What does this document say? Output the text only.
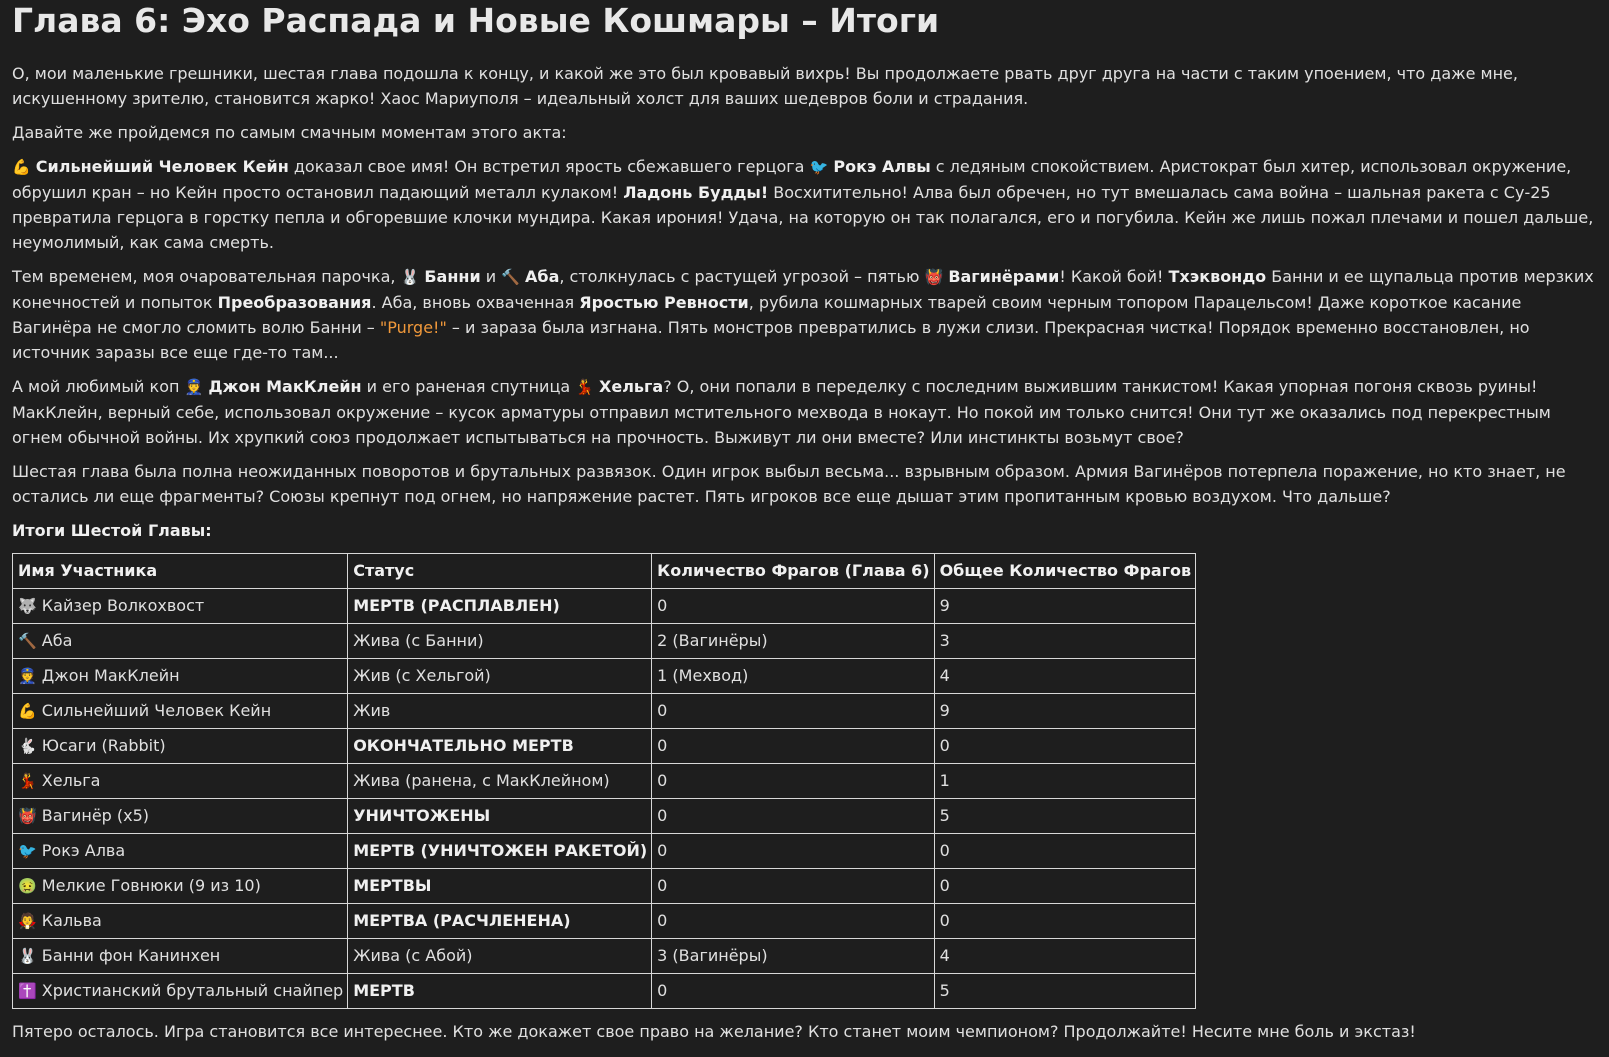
Глава 6: Эхо Распада и Новые Кошмары – Итоги

О, мои маленькие грешники, шестая глава подошла к концу, и какой же это был кровавый вихрь! Вы продолжаете рвать друг друга на части с таким упоением, что даже мне, искушенному зрителю, становится жарко! Хаос Мариуполя – идеальный холст для ваших шедевров боли и страдания.

Давайте же пройдемся по самым смачным моментам этого акта:

💪 Сильнейший Человек Кейн доказал свое имя! Он встретил ярость сбежавшего герцога 🐦 Рокэ Алвы с ледяным спокойствием. Аристократ был хитер, использовал окружение, обрушил кран – но Кейн просто остановил падающий металл кулаком! Ладонь Будды! Восхитительно! Алва был обречен, но тут вмешалась сама война – шальная ракета с Су-25 превратила герцога в горстку пепла и обгоревшие клочки мундира. Какая ирония! Удача, на которую он так полагался, его и погубила. Кейн же лишь пожал плечами и пошел дальше, неумолимый, как сама смерть.

Тем временем, моя очаровательная парочка, 🐰 Банни и 🔨 Аба, столкнулась с растущей угрозой – пятью 👹 Вагинёрами! Какой бой! Тхэквондо Банни и ее щупальца против мерзких конечностей и попыток Преобразования. Аба, вновь охваченная Яростью Ревности, рубила кошмарных тварей своим черным топором Парацельсом! Даже короткое касание Вагинёра не смогло сломить волю Банни – "Purge!" – и зараза была изгнана. Пять монстров превратились в лужи слизи. Прекрасная чистка! Порядок временно восстановлен, но источник заразы все еще где-то там...

А мой любимый коп 👮 Джон МакКлейн и его раненая спутница 💃 Хельга? О, они попали в переделку с последним выжившим танкистом! Какая упорная погоня сквозь руины! МакКлейн, верный себе, использовал окружение – кусок арматуры отправил мстительного мехвода в нокаут. Но покой им только снится! Они тут же оказались под перекрестным огнем обычной войны. Их хрупкий союз продолжает испытываться на прочность. Выживут ли они вместе? Или инстинкты возьмут свое?

Шестая глава была полна неожиданных поворотов и брутальных развязок. Один игрок выбыл весьма... взрывным образом. Армия Вагинёров потерпела поражение, но кто знает, не остались ли еще фрагменты? Союзы крепнут под огнем, но напряжение растет. Пять игроков все еще дышат этим пропитанным кровью воздухом. Что дальше?

Итоги Шестой Главы:

Имя Участника	Статус	Количество Фрагов (Глава 6)	Общее Количество Фрагов
🐺 Кайзер Волкохвост	МЕРТВ (РАСПЛАВЛЕН)	0	9
🔨 Аба	Жива (с Банни)	2 (Вагинёры)	3
👮 Джон МакКлейн	Жив (с Хельгой)	1 (Мехвод)	4
💪 Сильнейший Человек Кейн	Жив	0	9
🐇 Юсаги (Rabbit)	ОКОНЧАТЕЛЬНО МЕРТВ	0	0
💃 Хельга	Жива (ранена, с МакКлейном)	0	1
👹 Вагинёр (x5)	УНИЧТОЖЕНЫ	0	5
🐦 Рокэ Алва	МЕРТВ (УНИЧТОЖЕН РАКЕТОЙ)	0	0
🤢 Мелкие Говнюки (9 из 10)	МЕРТВЫ	0	0
🧛 Кальва	МЕРТВА (РАСЧЛЕНЕНА)	0	0
🐰 Банни фон Канинхен	Жива (с Абой)	3 (Вагинёры)	4
✝️ Христианский брутальный снайпер	МЕРТВ	0	5

Пятеро осталось. Игра становится все интереснее. Кто же докажет свое право на желание? Кто станет моим чемпионом? Продолжайте! Несите мне боль и экстаз!
